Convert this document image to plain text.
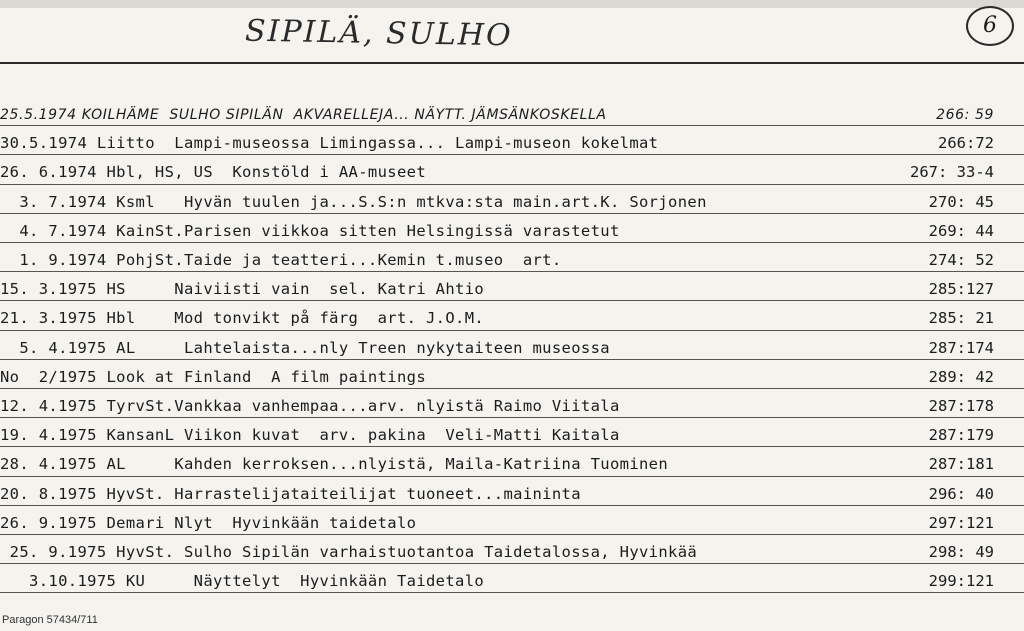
SIPILÄ, SULHO	6
25.5.1974 KOILHÄME  SULHO SIPILÄN  AKVARELLEJA... NÄYTT. JÄMSÄNKOSKELLA	266: 59
30.5.1974 Liitto  Lampi-museossa Limingassa... Lampi-museon kokelmat	266:72
26. 6.1974 Hbl, HS, US  Konstöld i AA-museet	267: 33-4
3. 7.1974 Ksml   Hyvän tuulen ja...S.S:n mtkva:sta main.art.K. Sorjonen	270: 45
4. 7.1974 KainSt.Parisen viikkoa sitten Helsingissä varastetut	269: 44
1. 9.1974 PohjSt.Taide ja teatteri...Kemin t.museo  art.	274: 52
15. 3.1975 HS     Naiviisti vain  sel. Katri Ahtio	285:127
21. 3.1975 Hbl    Mod tonvikt på färg  art. J.O.M.	285: 21
5. 4.1975 AL     Lahtelaista...nly Treen nykytaiteen museossa	287:174
No  2/1975 Look at Finland  A film paintings	289: 42
12. 4.1975 TyrvSt.Vankkaa vanhempaa...arv. nlyistä Raimo Viitala	287:178
19. 4.1975 KansanL Viikon kuvat  arv. pakina  Veli-Matti Kaitala	287:179
28. 4.1975 AL     Kahden kerroksen...nlyistä, Maila-Katriina Tuominen	287:181
20. 8.1975 HyvSt. Harrastelijataiteilijat tuoneet...maininta	296: 40
26. 9.1975 Demari Nlyt  Hyvinkään taidetalo	297:121
25. 9.1975 HyvSt. Sulho Sipilän varhaistuotantoa Taidetalossa, Hyvinkää	298: 49
3.10.1975 KU     Näyttelyt  Hyvinkään Taidetalo	299:121
Paragon 57434/711
